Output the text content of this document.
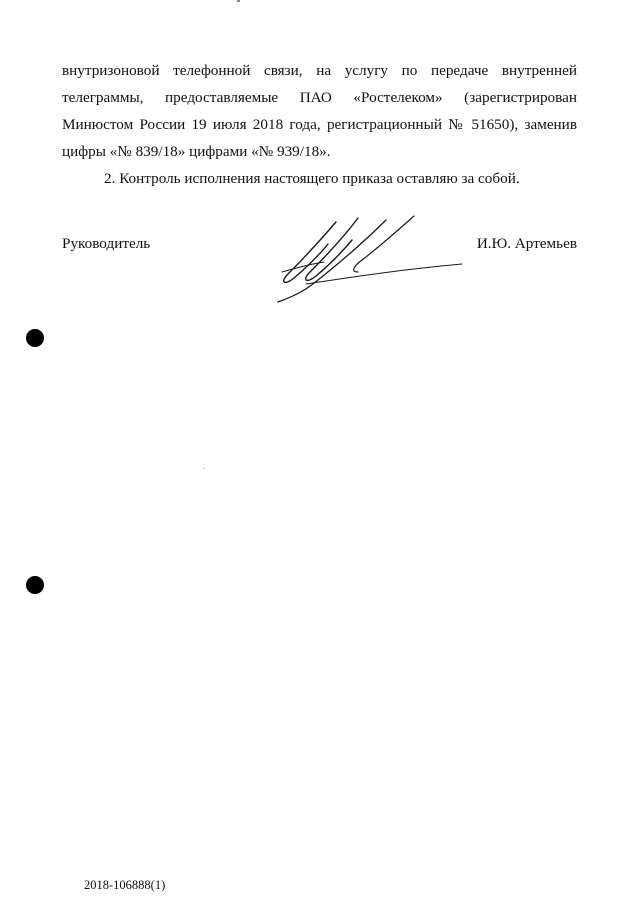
внутризоновой телефонной связи, на услугу по передаче внутренней телеграммы, предоставляемые ПАО «Ростелеком» (зарегистрирован Минюстом России 19 июля 2018 года, регистрационный № 51650), заменив цифры «№ 839/18» цифрами «№ 939/18».

2. Контроль исполнения настоящего приказа оставляю за собой.

Руководитель	И.Ю. Артемьев
2018-106888(1)
